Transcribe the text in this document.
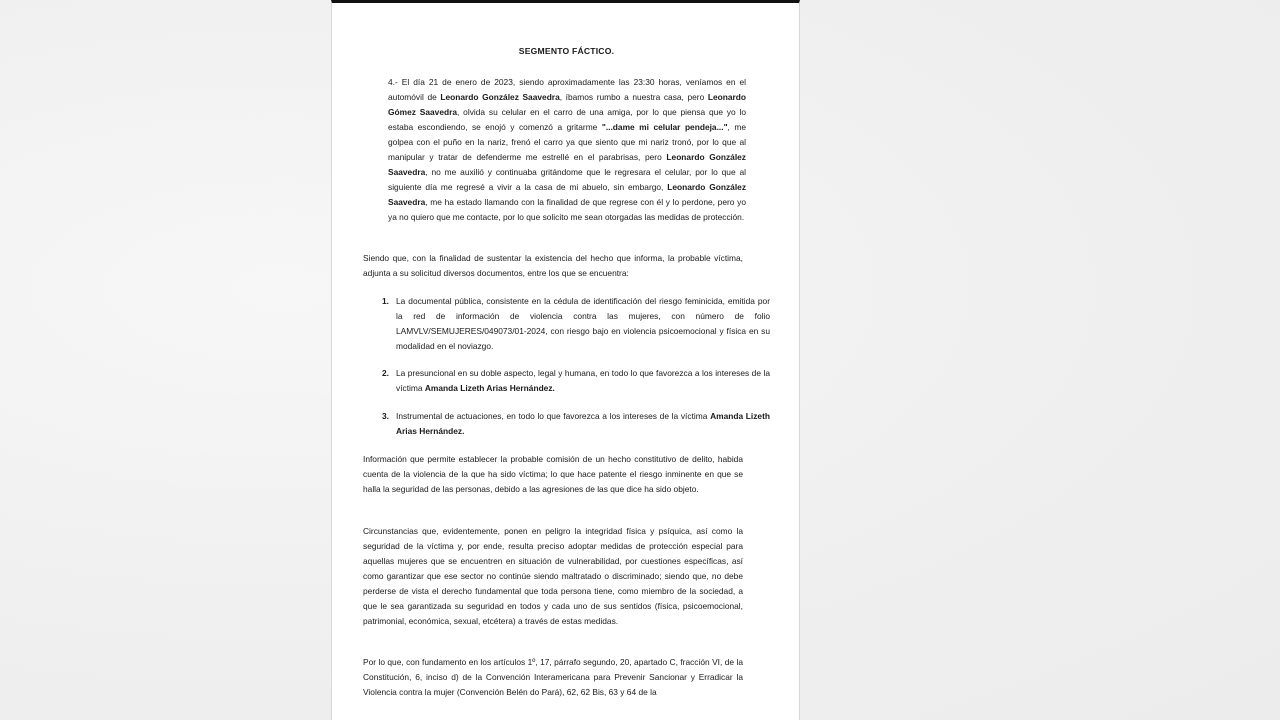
SEGMENTO FÁCTICO.
4.- El día 21 de enero de 2023, siendo aproximadamente las 23:30 horas, veníamos en el automóvil de Leonardo González Saavedra, íbamos rumbo a nuestra casa, pero Leonardo Gómez Saavedra, olvida su celular en el carro de una amiga, por lo que piensa que yo lo estaba escondiendo, se enojó y comenzó a gritarme "...dame mi celular pendeja...", me golpea con el puño en la nariz, frenó el carro ya que siento que mi nariz tronó, por lo que al manipular y tratar de defenderme me estrellé en el parabrisas, pero Leonardo González Saavedra, no me auxilió y continuaba gritándome que le regresara el celular, por lo que al siguiente día me regresé a vivir a la casa de mi abuelo, sin embargo, Leonardo González Saavedra, me ha estado llamando con la finalidad de que regrese con él y lo perdone, pero yo ya no quiero que me contacte, por lo que solicito me sean otorgadas las medidas de protección.
Siendo que, con la finalidad de sustentar la existencia del hecho que informa, la probable víctima, adjunta a su solicitud diversos documentos, entre los que se encuentra:
1. La documental pública, consistente en la cédula de identificación del riesgo feminicida, emitida por la red de información de violencia contra las mujeres, con número de folio LAMVLV/SEMUJERES/049073/01-2024, con riesgo bajo en violencia psicoemocional y física en su modalidad en el noviazgo.
2. La presuncional en su doble aspecto, legal y humana, en todo lo que favorezca a los intereses de la víctima Amanda Lizeth Arias Hernández.
3. Instrumental de actuaciones, en todo lo que favorezca a los intereses de la víctima Amanda Lizeth Arias Hernández.
Información que permite establecer la probable comisión de un hecho constitutivo de delito, habida cuenta de la violencia de la que ha sido víctima; lo que hace patente el riesgo inminente en que se halla la seguridad de las personas, debido a las agresiones de las que dice ha sido objeto.
Circunstancias que, evidentemente, ponen en peligro la integridad física y psíquica, así como la seguridad de la víctima y, por ende, resulta preciso adoptar medidas de protección especial para aquellas mujeres que se encuentren en situación de vulnerabilidad, por cuestiones específicas, así como garantizar que ese sector no continúe siendo maltratado o discriminado; siendo que, no debe perderse de vista el derecho fundamental que toda persona tiene, como miembro de la sociedad, a que le sea garantizada su seguridad en todos y cada uno de sus sentidos (física, psicoemocional, patrimonial, económica, sexual, etcétera) a través de estas medidas.
Por lo que, con fundamento en los artículos 1º, 17, párrafo segundo, 20, apartado C, fracción VI, de la Constitución, 6, inciso d) de la Convención Interamericana para Prevenir Sancionar y Erradicar la Violencia contra la mujer (Convención Belén do Pará), 62, 62 Bis, 63 y 64 de la
